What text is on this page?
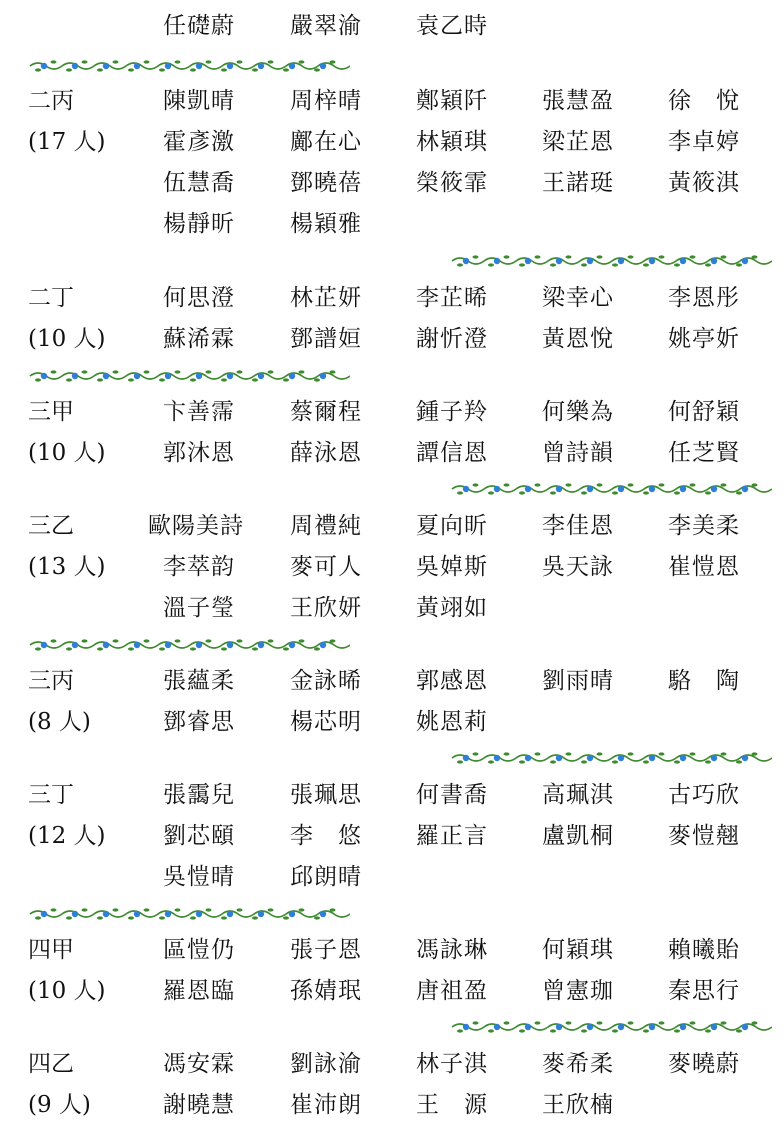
任礎蔚 嚴翠渝 袁乙時
二丙	陳凱晴 周梓晴 鄭穎阡 張慧盈 徐　悅
(17 人) 霍彥激 鄺在心 林穎琪 梁芷恩 李卓婷
伍慧喬 鄧曉蓓 榮筱霏 王諾珽 黃筱淇
楊靜昕 楊穎雅
二丁	何思澄 林芷妍 李芷晞 梁幸心 李恩彤
(10 人) 蘇浠霖 鄧譜姮 謝忻澄 黃恩悅 姚亭妡
三甲	卞善霈 蔡爾程 鍾子羚 何樂為 何舒穎
(10 人) 郭沐恩 薛泳恩 譚信恩 曾詩韻 任芝賢
三乙	歐陽美詩 周禮純 夏向昕 李佳恩 李美柔
(13 人) 李萃韵 麥可人 吳婥斯 吳天詠 崔愷恩
溫子瑩 王欣妍 黃翊如
三丙	張蘊柔 金詠晞 郭感恩 劉雨晴 駱　陶
(8 人)	鄧睿思 楊芯明 姚恩莉
三丁	張靄兒 張珮思 何書喬 高珮淇 古巧欣
(12 人) 劉芯頤 李　悠 羅正言 盧凱桐 麥愷翹
吳愷晴 邱朗晴
四甲	區愷仍 張子恩 馮詠琳 何穎琪 賴曦貽
(10 人) 羅恩臨 孫婧珉 唐祖盈 曾憲珈 秦思行
四乙	馮安霖 劉詠渝 林子淇 麥希柔 麥曉蔚
(9 人)	謝曉慧 崔沛朗 王　源 王欣楠
